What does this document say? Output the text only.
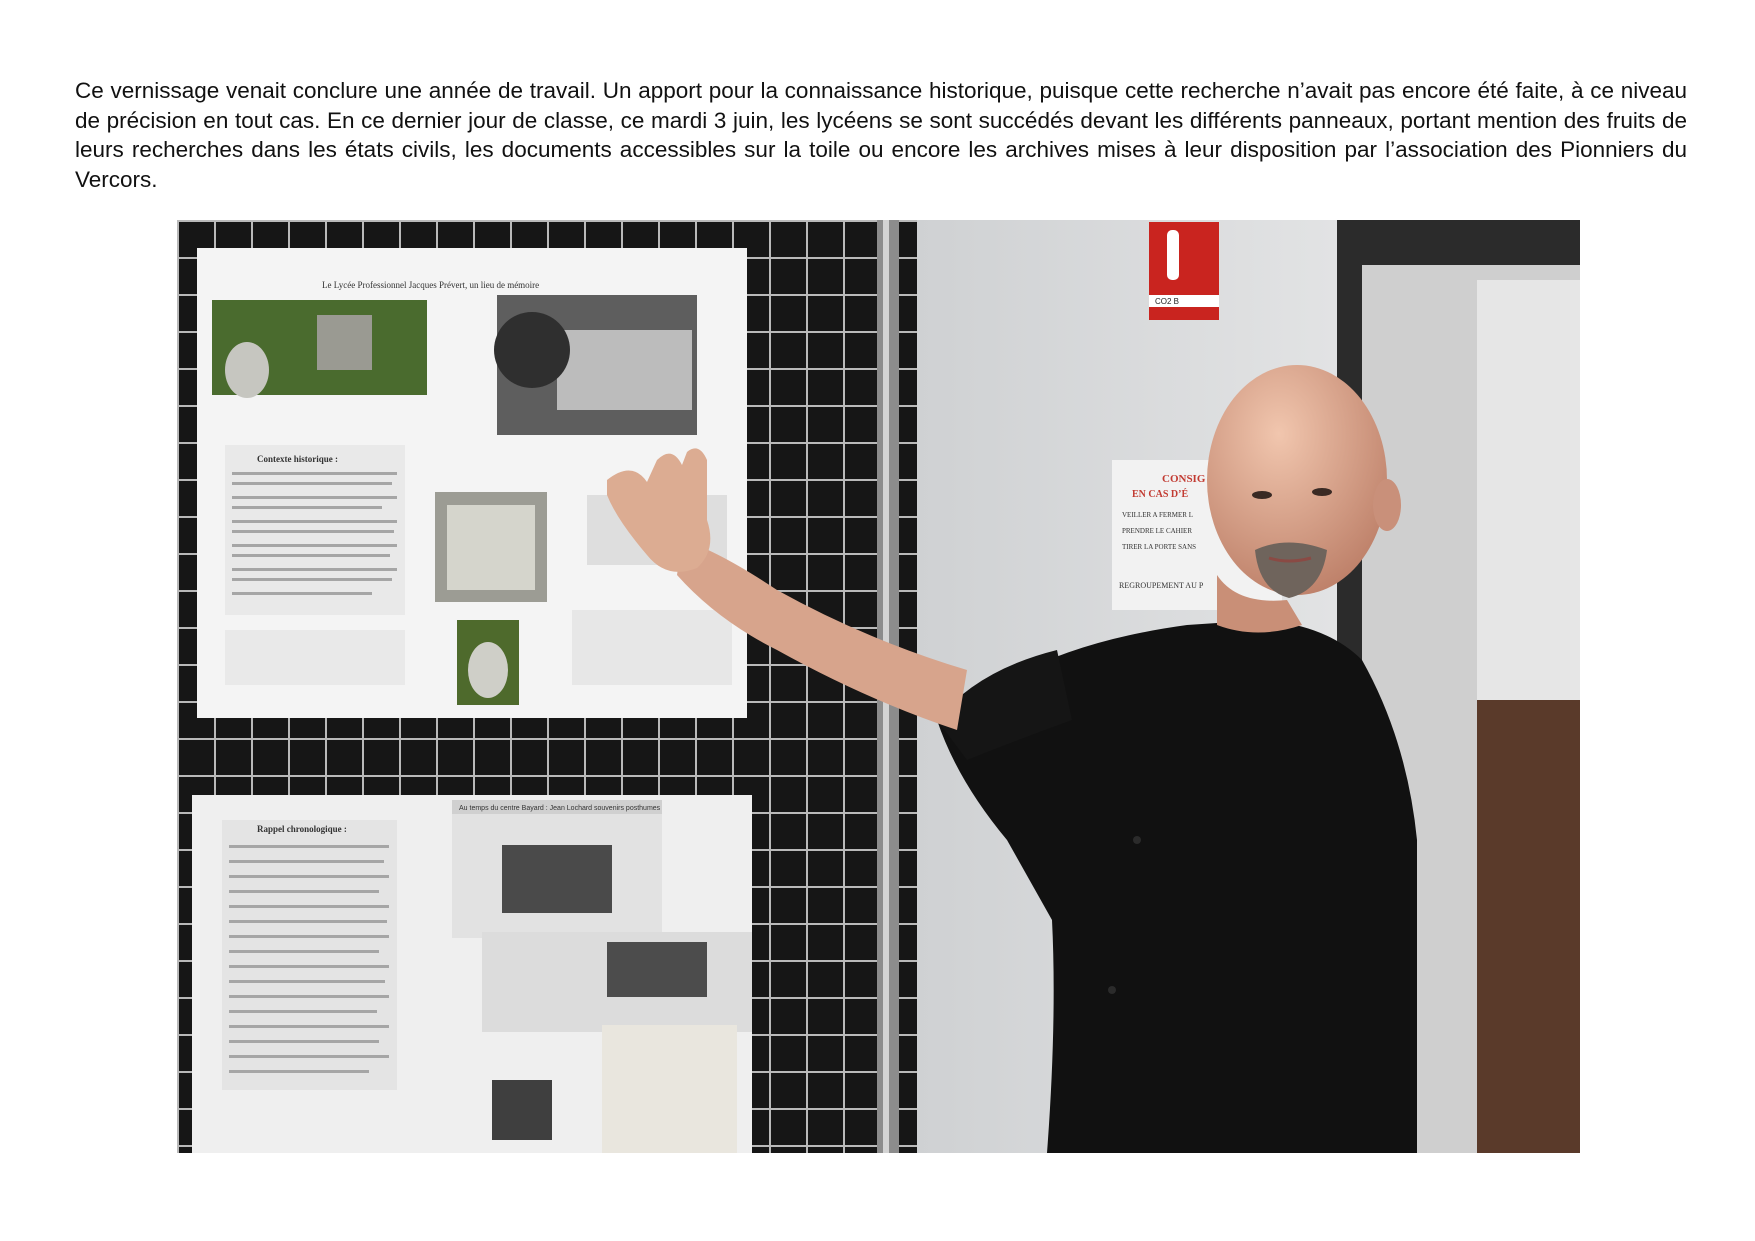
Ce vernissage venait conclure une année de travail. Un apport pour la connaissance historique, puisque cette recherche n’avait pas encore été faite, à ce niveau de précision en tout cas. En ce dernier jour de classe, ce mardi 3 juin, les lycéens se sont succédés devant les différents panneaux, portant mention des fruits de leurs recherches dans les états civils, les documents accessibles sur la toile ou encore les archives mises à leur disposition par l’association des Pionniers du Vercors.

Le Lycée Professionnel Jacques Prévert, un lieu de mémoire
Contexte historique :
Rappel chronologique :
Au temps du centre Bayard : Jean Lochard souvenirs posthumes
CO2 B
CONSIG
EN CAS D’É
VEILLER A FERMER L
PRENDRE LE CAHIER
TIRER LA PORTE SANS
REGROUPEMENT AU P
